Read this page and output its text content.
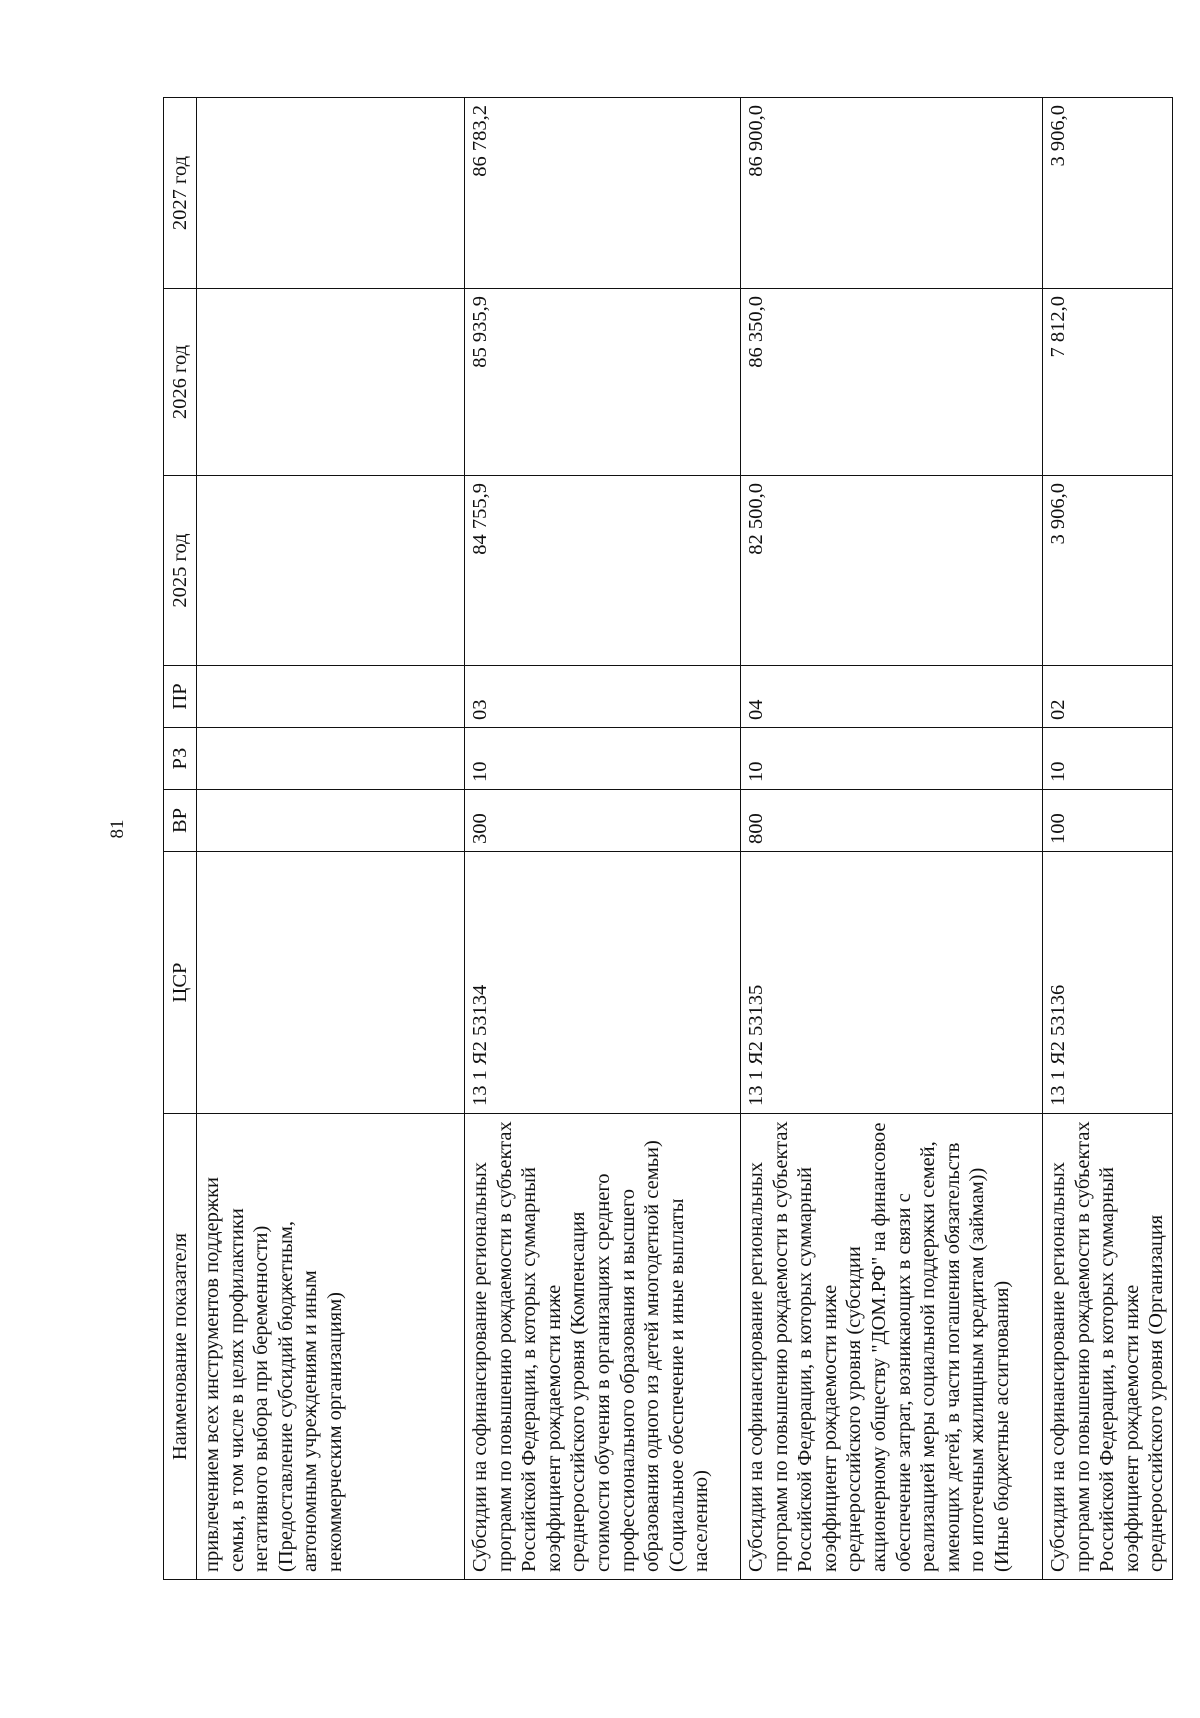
81
Наименование показателя	ЦСР	ВР	РЗ	ПР	2025 год	2026 год	2027 год
привлечением всех инструментов поддержки семьи, в том числе в целях профилактики негативного выбора при беременности) (Предоставление субсидий бюджетным, автономным учреждениям и иным некоммерческим организациям)							
Субсидии на софинансирование региональных программ по повышению рождаемости в субъектах Российской Федерации, в которых суммарный коэффициент рождаемости ниже среднероссийского уровня (Компенсация стоимости обучения в организациях среднего профессионального образования и высшего образования одного из детей многодетной семьи) (Социальное обеспечение и иные выплаты населению)	13 1 Я2 53134	300	10	03	84 755,9	85 935,9	86 783,2
Субсидии на софинансирование региональных программ по повышению рождаемости в субъектах Российской Федерации, в которых суммарный коэффициент рождаемости ниже среднероссийского уровня (субсидии акционерному обществу "ДОМ.РФ" на финансовое обеспечение затрат, возникающих в связи с реализацией меры социальной поддержки семей, имеющих детей, в части погашения обязательств по ипотечным жилищным кредитам (займам)) (Иные бюджетные ассигнования)	13 1 Я2 53135	800	10	04	82 500,0	86 350,0	86 900,0
Субсидии на софинансирование региональных программ по повышению рождаемости в субъектах Российской Федерации, в которых суммарный коэффициент рождаемости ниже среднероссийского уровня (Организация	13 1 Я2 53136	100	10	02	3 906,0	7 812,0	3 906,0
